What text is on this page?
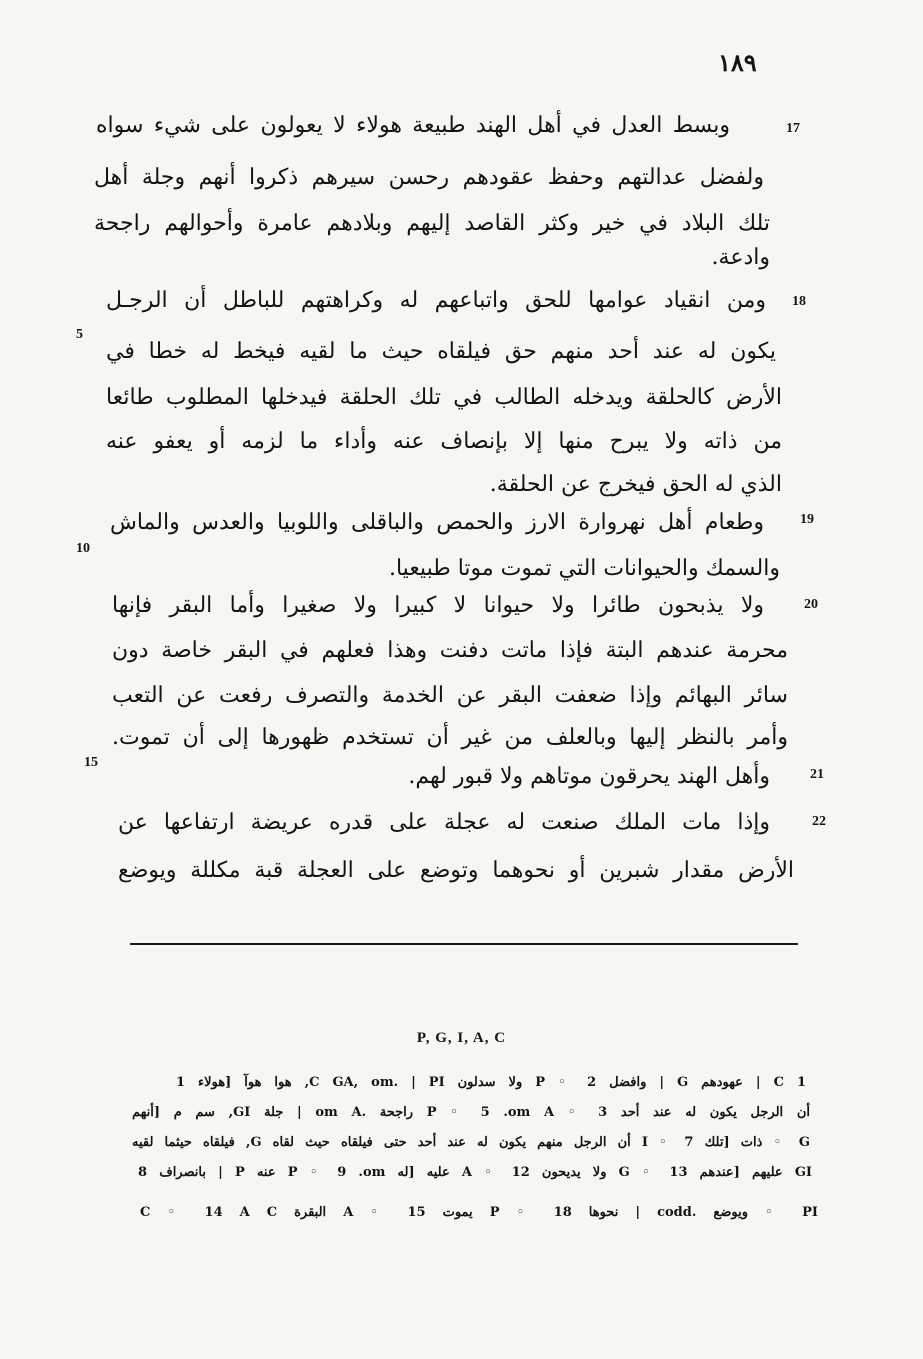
١٨٩
17
18
19
20
21
22
5
10
15
وبسط العدل في أهل الهند طبيعة هولاء لا يعولون على شيء سواه
ولفضل عدالتهم وحفظ عقودهم رحسن سيرهم ذكروا أنهم وجلة أهل
تلك البلاد في خير وكثر القاصد إليهم وبلادهم عامرة وأحوالهم راجحة
وادعة.
ومن انقياد عوامها للحق واتباعهم له وكراهتهم للباطل أن الرجـل
يكون له عند أحد منهم حق فيلقاه حيث ما لقيه فيخط له خطا في
الأرض كالحلقة ويدخله الطالب في تلك الحلقة فيدخلها المطلوب طائعا
من ذاته ولا يبرح منها إلا بإنصاف عنه وأداء ما لزمه أو يعفو عنه
الذي له الحق فيخرج عن الحلقة.
وطعام أهل نهروارة الارز والحمص والباقلى واللوبيا والعدس والماش
والسمك والحيوانات التي تموت موتا طبيعيا.
ولا يذبحون طائرا ولا حيوانا لا كبيرا ولا صغيرا وأما البقر فإنها
محرمة عندهم البتة فإذا ماتت دفنت وهذا فعلهم في البقر خاصة دون
سائر البهائم وإذا ضعفت البقر عن الخدمة والتصرف رفعت عن التعب
وأمر بالنظر إليها وبالعلف من غير أن تستخدم ظهورها إلى أن تموت.
وأهل الهند يحرقون موتاهم ولا قبور لهم.
وإذا مات الملك صنعت له عجلة على قدره عريضة ارتفاعها عن
الأرض مقدار شبرين أو نحوهما وتوضع على العجلة قبة مكللة ويوضع
P, G, I, A, C
1 C | عهودهم G | وافضل P ◦ 2 ولا سدلون C GA, om. | PI, هوا هوآ [هولاء 1
أن الرجل يكون له عند أحد P ◦ 5 .om A ◦ 3 راجحة .om A | جلة GI, سم م [أنهم
G ◦ ذات [تلك I ◦ 7 أن الرجل منهم يكون له عند أحد حتى فيلقاه حيث لقاه G, فيلقاه حيثما لقيه
GI عليهم [عندهم G ◦ 13 ولا يديحون A ◦ 12 عليه [له P ◦ 9 .om عنه P | بانصراف 8
PI ◦ ويوضع .codd | نحوها P ◦ 18 يموت A ◦ 15 البقرة C ◦ 14 A C
